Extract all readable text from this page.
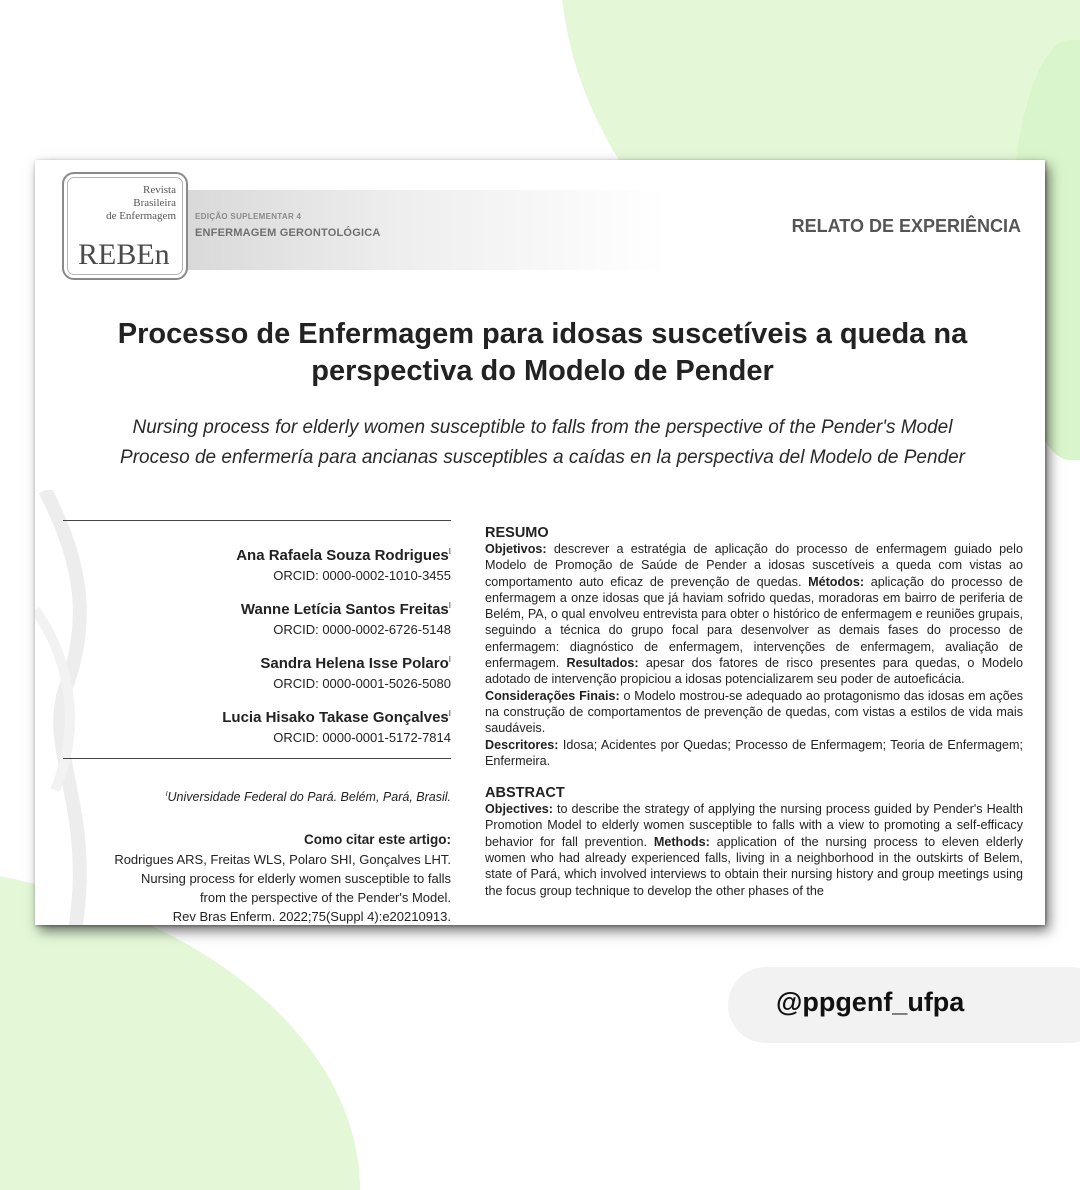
Revista
Brasileira
de Enfermagem
REBEn
EDIÇÃO SUPLEMENTAR 4
ENFERMAGEM GERONTOLÓGICA	RELATO DE EXPERIÊNCIA
Processo de Enfermagem para idosas suscetíveis a queda na
perspectiva do Modelo de Pender
Nursing process for elderly women susceptible to falls from the perspective of the Pender's Model
Proceso de enfermería para ancianas susceptibles a caídas en la perspectiva del Modelo de Pender
Ana Rafaela Souza Rodrigues$^I$
ORCID: 0000-0002-1010-3455
Wanne Letícia Santos Freitas$^I$
ORCID: 0000-0002-6726-5148
Sandra Helena Isse Polaro$^I$
ORCID: 0000-0001-5026-5080
Lucia Hisako Takase Gonçalves$^I$
ORCID: 0000-0001-5172-7814
$^I$Universidade Federal do Pará. Belém, Pará, Brasil.
Como citar este artigo:
Rodrigues ARS, Freitas WLS, Polaro SHI, Gonçalves LHT.
Nursing process for elderly women susceptible to falls
from the perspective of the Pender's Model.
Rev Bras Enferm. 2022;75(Suppl 4):e20210913.
RESUMO

Objetivos: descrever a estratégia de aplicação do processo de enfermagem guiado pelo Modelo de Promoção de Saúde de Pender a idosas suscetíveis a queda com vistas ao comportamento auto eficaz de prevenção de quedas. Métodos: aplicação do processo de enfermagem a onze idosas que já haviam sofrido quedas, moradoras em bairro de periferia de Belém, PA, o qual envolveu entrevista para obter o histórico de enfermagem e reuniões grupais, seguindo a técnica do grupo focal para desenvolver as demais fases do processo de enfermagem: diagnóstico de enfermagem, intervenções de enfermagem, avaliação de enfermagem. Resultados: apesar dos fatores de risco presentes para quedas, o Modelo adotado de intervenção propiciou a idosas potencializarem seu poder de autoeficácia.

Considerações Finais: o Modelo mostrou-se adequado ao protagonismo das idosas em ações na construção de comportamentos de prevenção de quedas, com vistas a estilos de vida mais saudáveis.

Descritores: Idosa; Acidentes por Quedas; Processo de Enfermagem; Teoria de Enfermagem; Enfermeira.

ABSTRACT

Objectives: to describe the strategy of applying the nursing process guided by Pender's Health Promotion Model to elderly women susceptible to falls with a view to promoting a self-efficacy behavior for fall prevention. Methods: application of the nursing process to eleven elderly women who had already experienced falls, living in a neighborhood in the outskirts of Belem, state of Pará, which involved interviews to obtain their nursing history and group meetings using the focus group technique to develop the other phases of the

@ppgenf_ufpa
